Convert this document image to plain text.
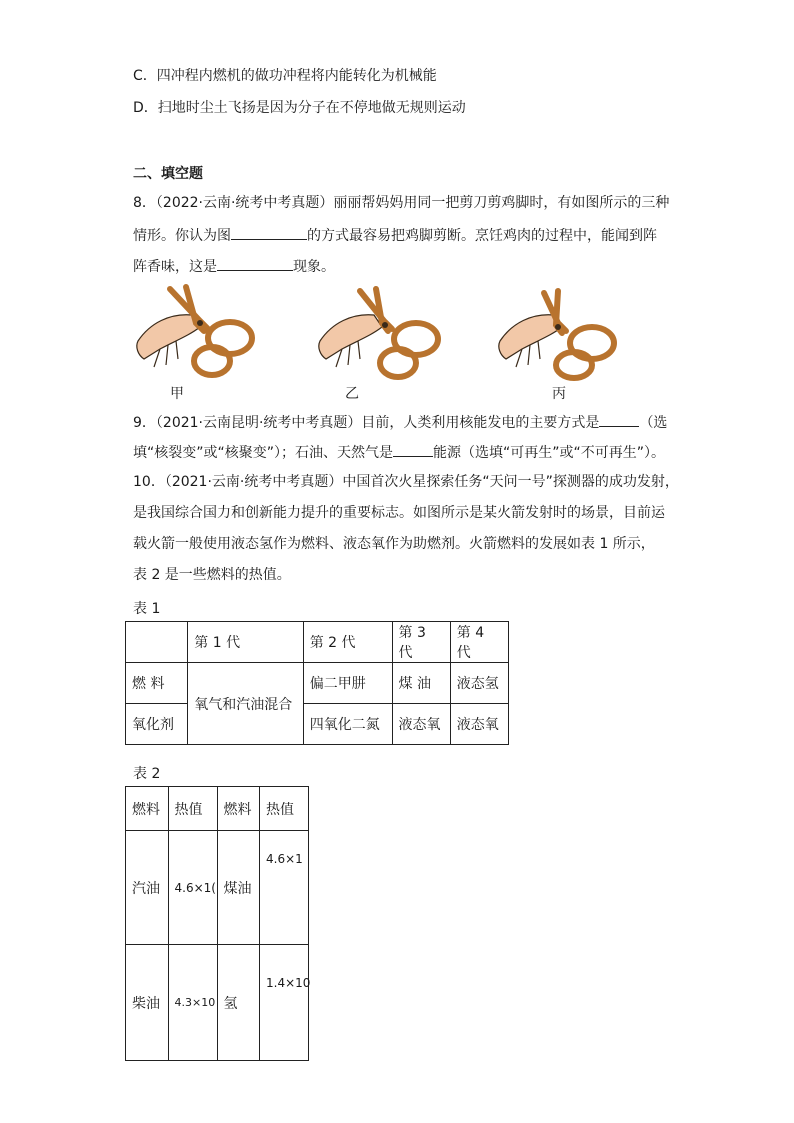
C．四冲程内燃机的做功冲程将内能转化为机械能
D．扫地时尘土飞扬是因为分子在不停地做无规则运动
二、填空题
8．（2022·云南·统考中考真题）丽丽帮妈妈用同一把剪刀剪鸡脚时，有如图所示的三种
情形。你认为图	的方式最容易把鸡脚剪断。烹饪鸡肉的过程中，能闻到阵
阵香味，这是	现象。
甲	乙	丙
9．（2021·云南昆明·统考中考真题）目前，人类利用核能发电的主要方式是	（选
填“核裂变”或“核聚变”）；石油、天然气是	能源（选填“可再生”或“不可再生”）。
10．（2021·云南·统考中考真题）中国首次火星探索任务“天问一号”探测器的成功发射，
是我国综合国力和创新能力提升的重要标志。如图所示是某火箭发射时的场景，目前运
载火箭一般使用液态氢作为燃料、液态氧作为助燃剂。火箭燃料的发展如表 1 所示，
表 2 是一些燃料的热值。
表 1
	第 1 代	第 2 代	第 3 代	第 4 代
燃 料	氧气和汽油混合	偏二甲肼	煤 油	液态氢
氧化剂		四氧化二氮	液态氧	液态氧
表 2
燃料	热值	燃料	热值
汽油	4.6×1(	煤油	4.6×1
柴油	4.3×10	氢	1.4×10
